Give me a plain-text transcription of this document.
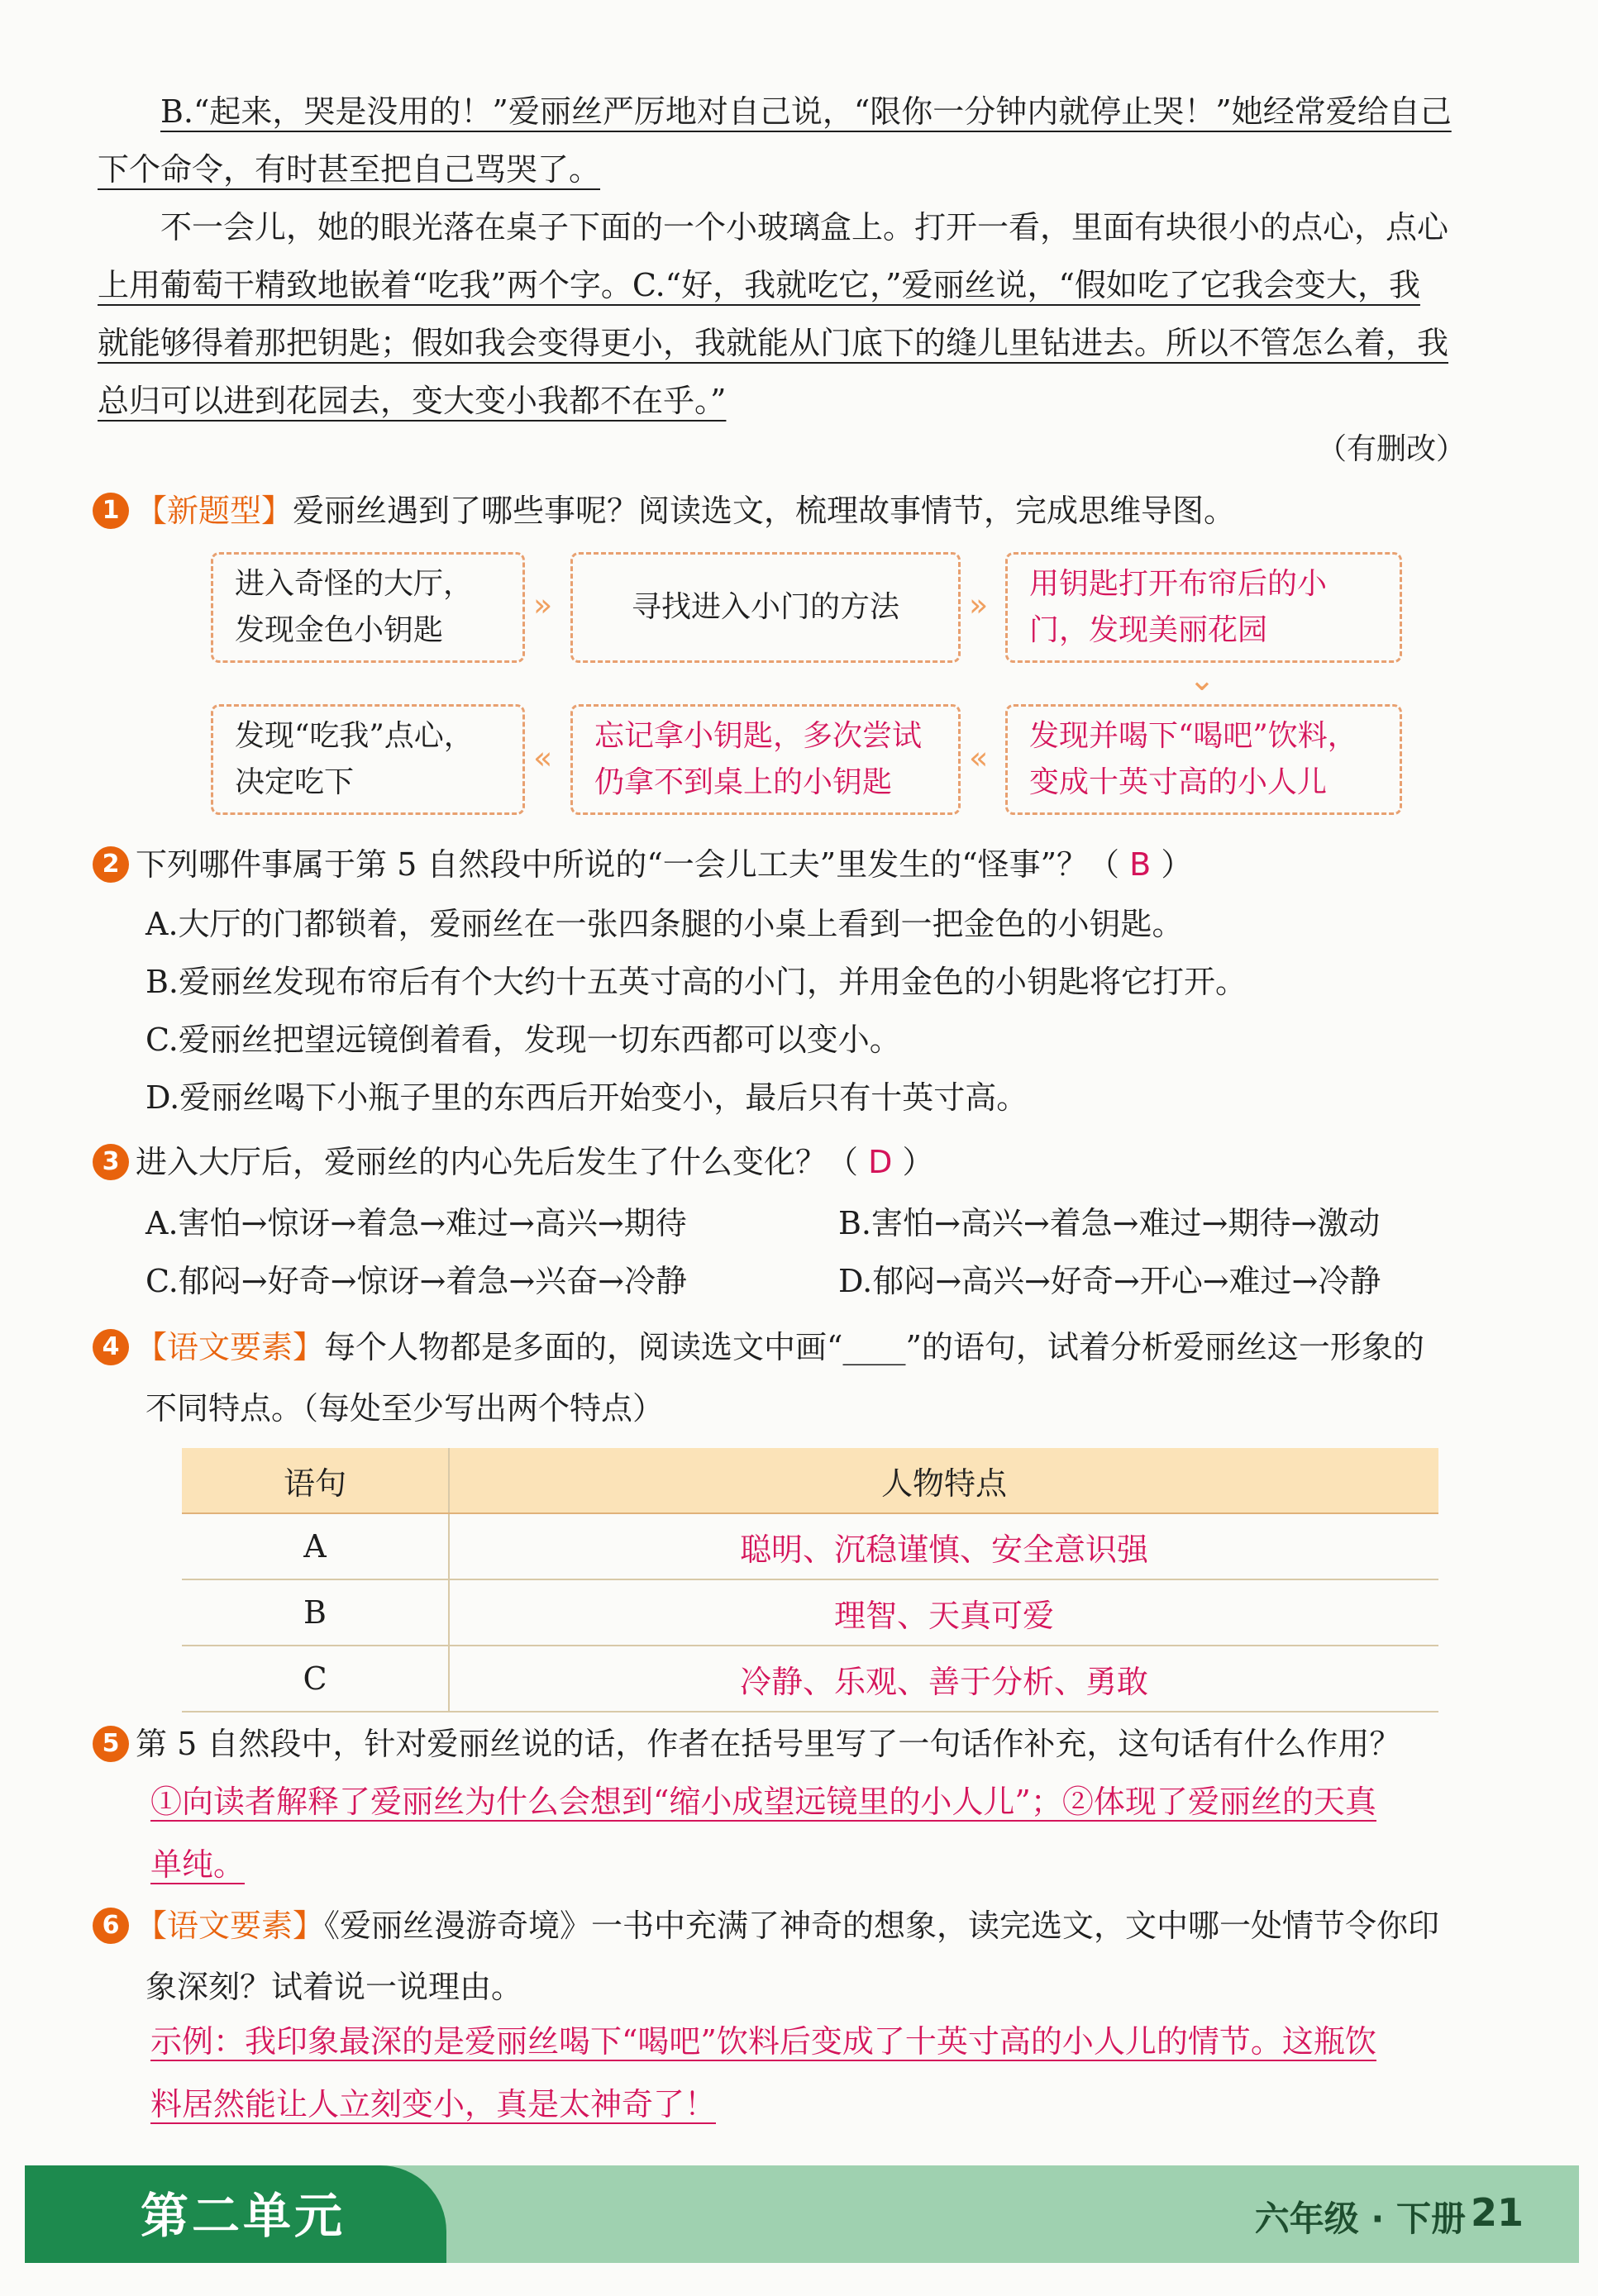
B.“起来，哭是没用的！”爱丽丝严厉地对自己说，“限你一分钟内就停止哭！”她经常爱给自己

下个命令，有时甚至把自己骂哭了。

不一会儿，她的眼光落在桌子下面的一个小玻璃盒上。打开一看，里面有块很小的点心，点心

上用葡萄干精致地嵌着“吃我”两个字。C.“好，我就吃它，”爱丽丝说，“假如吃了它我会变大，我

就能够得着那把钥匙；假如我会变得更小，我就能从门底下的缝儿里钻进去。所以不管怎么着，我

总归可以进到花园去，变大变小我都不在乎。”

（有删改）
1 【新题型】爱丽丝遇到了哪些事呢？阅读选文，梳理故事情节，完成思维导图。
进入奇怪的大厅，发现金色小钥匙
»	寻找进入小门的方法	»
用钥匙打开布帘后的小门，发现美丽花园
⌄
发现“吃我”点心，决定吃下
«
忘记拿小钥匙，多次尝试仍拿不到桌上的小钥匙
«
发现并喝下“喝吧”饮料，变成十英寸高的小人儿
2 下列哪件事属于第 5 自然段中所说的“一会儿工夫”里发生的“怪事”？（ B ）
A.大厅的门都锁着，爱丽丝在一张四条腿的小桌上看到一把金色的小钥匙。
B.爱丽丝发现布帘后有个大约十五英寸高的小门，并用金色的小钥匙将它打开。
C.爱丽丝把望远镜倒着看，发现一切东西都可以变小。
D.爱丽丝喝下小瓶子里的东西后开始变小，最后只有十英寸高。
3 进入大厅后，爱丽丝的内心先后发生了什么变化？（ D ）
A.害怕→惊讶→着急→难过→高兴→期待	B.害怕→高兴→着急→难过→期待→激动
C.郁闷→好奇→惊讶→着急→兴奋→冷静	D.郁闷→高兴→好奇→开心→难过→冷静
4 【语文要素】每个人物都是多面的，阅读选文中画“____”的语句，试着分析爱丽丝这一形象的
不同特点。（每处至少写出两个特点）
语句	人物特点
A	聪明、沉稳谨慎、安全意识强
B	理智、天真可爱
C	冷静、乐观、善于分析、勇敢
5 第 5 自然段中，针对爱丽丝说的话，作者在括号里写了一句话作补充，这句话有什么作用？
①向读者解释了爱丽丝为什么会想到“缩小成望远镜里的小人儿”；②体现了爱丽丝的天真
单纯。
6 【语文要素】《爱丽丝漫游奇境》一书中充满了神奇的想象，读完选文，文中哪一处情节令你印
象深刻？试着说一说理由。
示例：我印象最深的是爱丽丝喝下“喝吧”饮料后变成了十英寸高的小人儿的情节。这瓶饮
料居然能让人立刻变小，真是太神奇了！
第二单元	六年级 · 下册 21
